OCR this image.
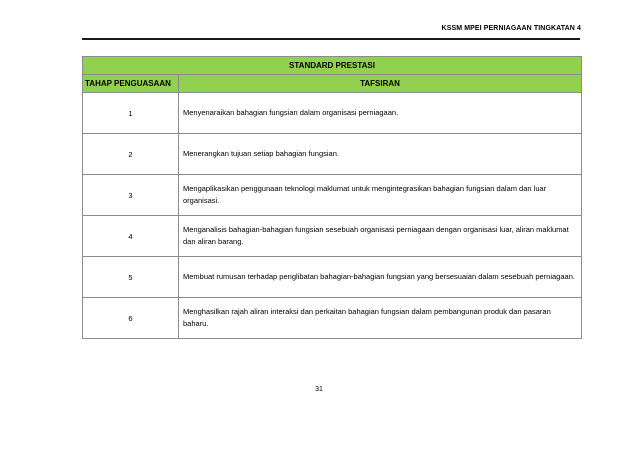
KSSM MPEI PERNIAGAAN TINGKATAN 4
STANDARD PRESTASI	
TAHAP PENGUASAAN	TAFSIRAN
1	Menyenaraikan bahagian fungsian dalam organisasi perniagaan.
2	Menerangkan tujuan setiap bahagian fungsian.
3	Mengaplikasikan penggunaan teknologi maklumat untuk mengintegrasikan bahagian fungsian dalam dan luar organisasi.
4	Menganalisis bahagian-bahagian fungsian sesebuah organisasi perniagaan dengan organisasi luar, aliran maklumat dan aliran barang.
5	Membuat rumusan terhadap penglibatan bahagian-bahagian fungsian yang bersesuaian dalam sesebuah perniagaan.
6	Menghasilkan rajah aliran interaksi dan perkaitan bahagian fungsian dalam pembangunan produk dan pasaran baharu.
31
